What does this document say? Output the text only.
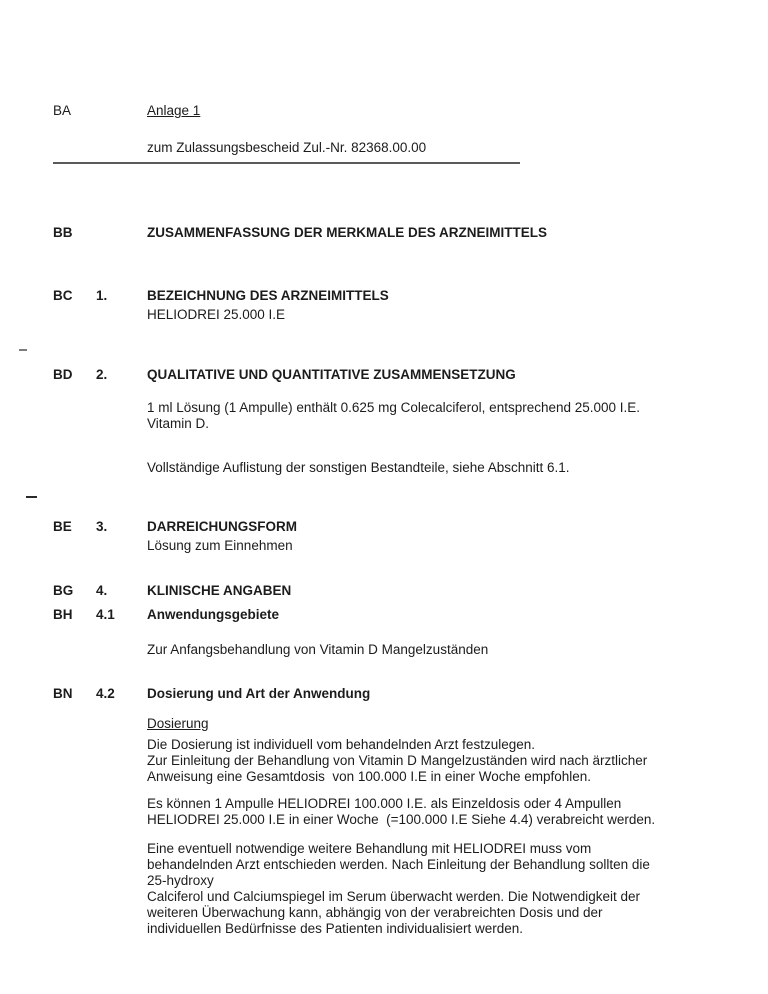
BA	Anlage 1
zum Zulassungsbescheid Zul.-Nr. 82368.00.00
BB	ZUSAMMENFASSUNG DER MERKMALE DES ARZNEIMITTELS
BC	1.	BEZEICHNUNG DES ARZNEIMITTELS
HELIODREI 25.000 I.E
BD	2.	QUALITATIVE UND QUANTITATIVE ZUSAMMENSETZUNG
1 ml Lösung (1 Ampulle) enthält 0.625 mg Colecalciferol, entsprechend 25.000 I.E.
Vitamin D.
Vollständige Auflistung der sonstigen Bestandteile, siehe Abschnitt 6.1.
BE	3.	DARREICHUNGSFORM
Lösung zum Einnehmen
BG	4.	KLINISCHE ANGABEN
BH	4.1	Anwendungsgebiete
Zur Anfangsbehandlung von Vitamin D Mangelzuständen
BN	4.2	Dosierung und Art der Anwendung
Dosierung
Die Dosierung ist individuell vom behandelnden Arzt festzulegen.
Zur Einleitung der Behandlung von Vitamin D Mangelzuständen wird nach ärztlicher
Anweisung eine Gesamtdosis  von 100.000 I.E in einer Woche empfohlen.
Es können 1 Ampulle HELIODREI 100.000 I.E. als Einzeldosis oder 4 Ampullen
HELIODREI 25.000 I.E in einer Woche  (=100.000 I.E Siehe 4.4) verabreicht werden.
Eine eventuell notwendige weitere Behandlung mit HELIODREI muss vom
behandelnden Arzt entschieden werden. Nach Einleitung der Behandlung sollten die
25-hydroxy
Calciferol und Calciumspiegel im Serum überwacht werden. Die Notwendigkeit der
weiteren Überwachung kann, abhängig von der verabreichten Dosis und der
individuellen Bedürfnisse des Patienten individualisiert werden.
